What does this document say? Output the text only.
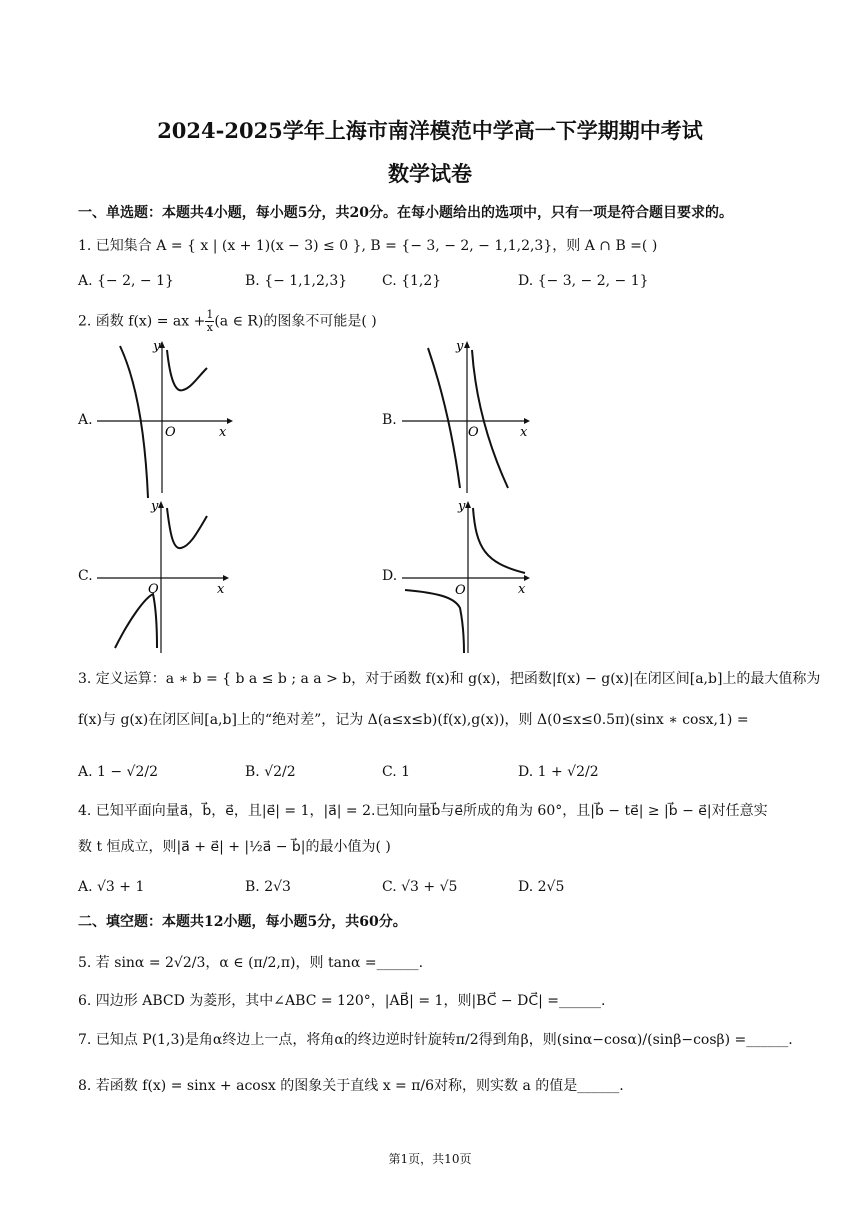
2024-2025学年上海市南洋模范中学高一下学期期中考试
数学试卷
一、单选题：本题共4小题，每小题5分，共20分。在每小题给出的选项中，只有一项是符合题目要求的。
1. 已知集合 A = { x | (x + 1)(x − 3) ≤ 0 }, B = {− 3, − 2, − 1,1,2,3}，则 A ∩ B =( )
A. {− 2, − 1}	B. {− 1,1,2,3} C. {1,2}	D. {− 3, − 2, − 1}
2. 函数 f(x) = ax + $\frac{1}{x} (a$ ∈ R)的图象不可能是( )
A.
y
x
O
B.
y
x
O
C.
y
x
O
D.
y
x
O
3. 定义运算：a ∗ b = { b a ≤ b ; a a > b，对于函数 f(x)和 g(x)，把函数|f(x) − g(x)|在闭区间[a,b]上的最大值称为
f(x)与 g(x)在闭区间[a,b]上的“绝对差”，记为 Δ(a≤x≤b)(f(x),g(x))，则 Δ(0≤x≤0.5π)(sinx ∗ cosx,1) =
A. 1 − √2/2	B. √2/2	C. 1	D. 1 + √2/2
4. 已知平面向量a⃗，b⃗，e⃗，且|e⃗| = 1，|a⃗| = 2.已知向量b⃗与e⃗所成的角为 60°，且|b⃗ − te⃗| ≥ |b⃗ − e⃗|对任意实
数 t 恒成立，则|a⃗ + e⃗| + |½a⃗ − b⃗|的最小值为( )
A. √3 + 1	B. 2√3	C. √3 + √5	D. 2√5
二、填空题：本题共12小题，每小题5分，共60分。
5. 若 sinα = 2√2/3，α ∈ (π/2,π)，则 tanα =______.
6. 四边形 ABCD 为菱形，其中∠ABC = 120°，|AB⃗| = 1，则|BC⃗ − DC⃗| =______.
7. 已知点 P(1,3)是角α终边上一点，将角α的终边逆时针旋转π/2得到角β，则(sinα−cosα)/(sinβ−cosβ) =______.
8. 若函数 f(x) = sinx + acosx 的图象关于直线 x = π/6对称，则实数 a 的值是______.
第1页，共10页
